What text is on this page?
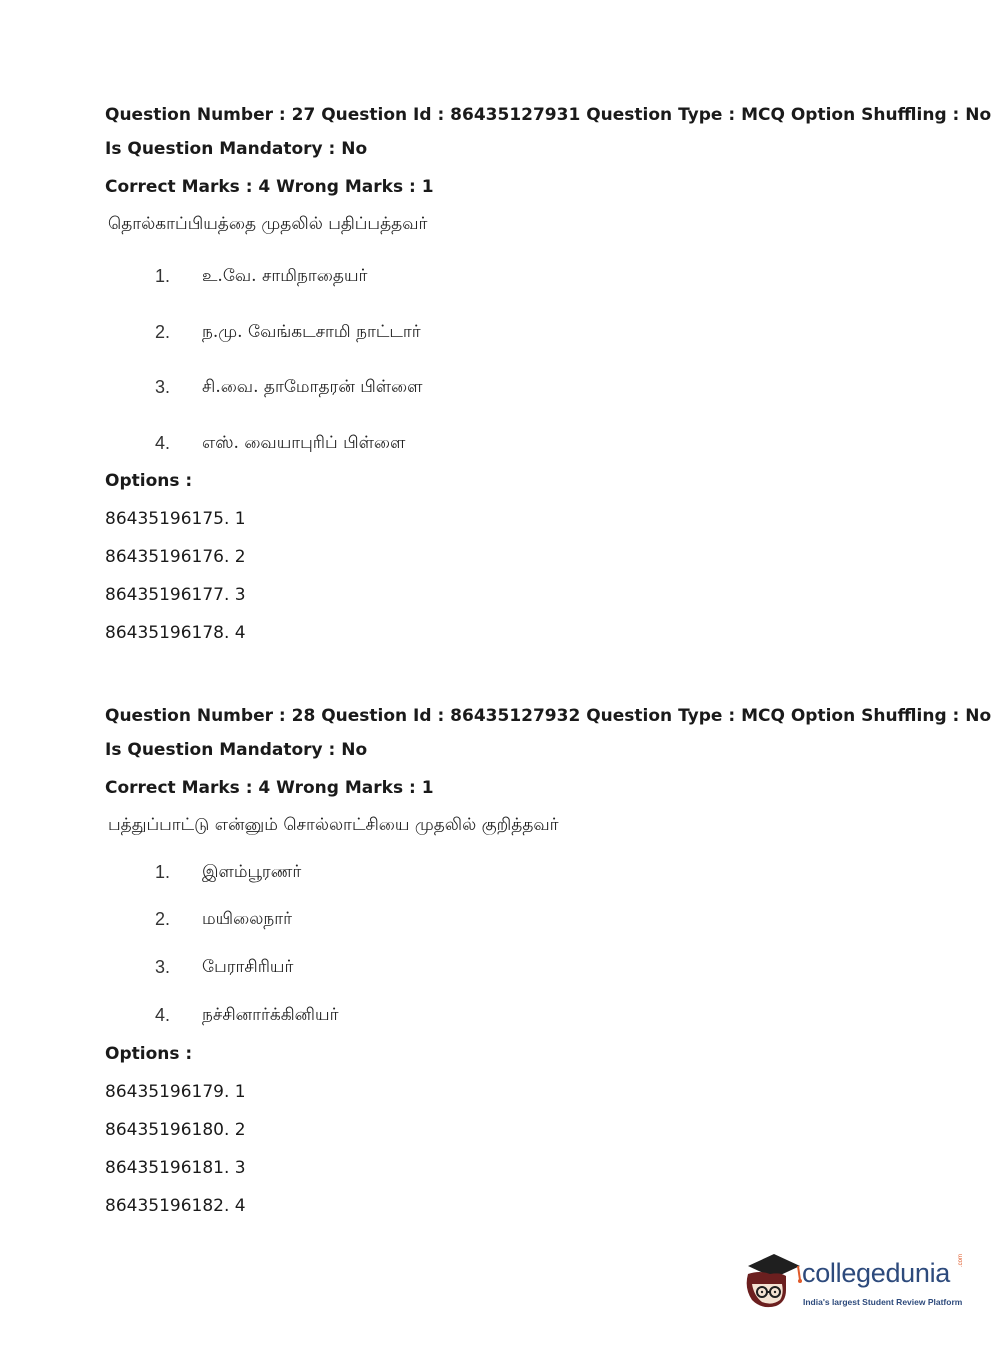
Question Number : 27 Question Id : 86435127931 Question Type : MCQ Option Shuffling : No
Is Question Mandatory : No
Correct Marks : 4 Wrong Marks : 1
தொல்காப்பியத்தை முதலில் பதிப்பத்தவர்
1. உ.வே. சாமிநாதையர்
2. ந.மு. வேங்கடசாமி நாட்டார்
3. சி.வை. தாமோதரன் பிள்ளை
4. எஸ். வையாபுரிப் பிள்ளை
Options :
86435196175. 1
86435196176. 2
86435196177. 3
86435196178. 4
Question Number : 28 Question Id : 86435127932 Question Type : MCQ Option Shuffling : No
Is Question Mandatory : No
Correct Marks : 4 Wrong Marks : 1
பத்துப்பாட்டு என்னும் சொல்லாட்சியை முதலில் குறித்தவர்
1. இளம்பூரணர்
2. மயிலைநார்
3. பேராசிரியர்
4. நச்சினார்க்கினியர்
Options :
86435196179. 1
86435196180. 2
86435196181. 3
86435196182. 4
collegedunia .com
India's largest Student Review Platform
